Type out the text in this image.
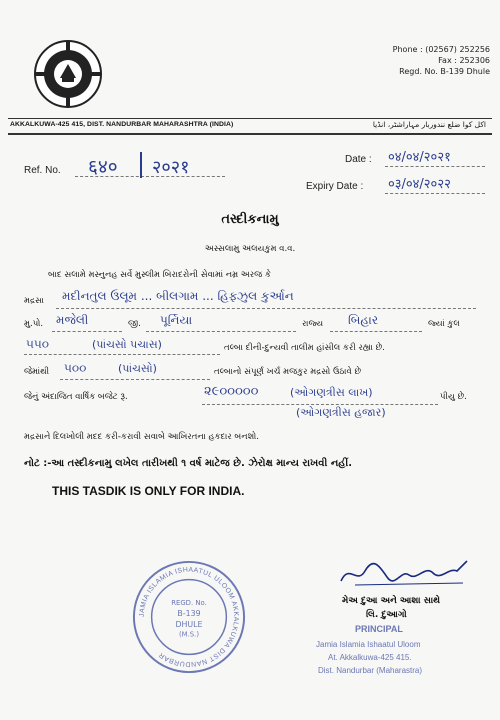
Phone : (02567) 252256
Fax : 252306
Regd. No. B-139 Dhule
AKKALKUWA-425 415, DIST. NANDURBAR MAHARASHTRA (INDIA)	اکل کوا ضلع نندوربار مہاراشٹر، انڈیا
Ref. No. ६४० २०२१	Date : ०४/०४/२०२१
Expiry Date : ०३/०४/२०२२
તસ્દીકનામુ
અસ્સલામુ અલયકુમ વ.વ.
બાદ સલામે મસ્નુનહ સર્વે મુસ્લીમ બિરાદરોની સેવામાં નમ્ર અરજ કે
મદ્રસા મદીનતુલ ઉલૂમ ... બીલગામ ... હિફ્ઝુલ કુર્આન
મુ.પો. મજેલી	જી. પૂર્નિયા	રાજ્ય બિહાર	જ્યાં કુલ
૫૫૦	(પાંચસો પચાસ)	તલ્બા દીની-દુન્યવી તાલીમ હાંસીલ કરી રહ્યા છે.
જેમાંથી ૫૦૦	(પાંચસો)	તલ્બાનો સંપૂર્ણ ખર્ચ મજકુર મદ્રસો ઉઠાવે છે
જેનું અંદાજિત વાર્ષિક બજેટ રૂ.	૨૯૦૦૦૦૦	(ઓગણત્રીસ લાખ)	પીયુ છે.
(ઓગણત્રીસ હજાર)
મદ્રસાને દિલખોલી મદદ કરી-કરાવી સવાબે આખિરતના હકદાર બનશો.
નોટ :-આ તસ્દીકનામુ લખેલ તારીખથી ૧ વર્ષ માટેજ છે. ઝેરોક્ષ માન્ય રાખવી નહીં.
THIS TASDIK IS ONLY FOR INDIA.
JAMIA ISLAMIA ISHAATUL ULOOM AKKALKUWA DIST NANDURBAR
REGD. No.
B-139
DHULE
(M.S.)
મેઅ દુઆ અને આશા સાથે
લિ. દુઆગો
PRINCIPAL
Jamia Islamia Ishaatul Uloom
At. Akkalkuwa-425 415.
Dist. Nandurbar (Maharastra)
